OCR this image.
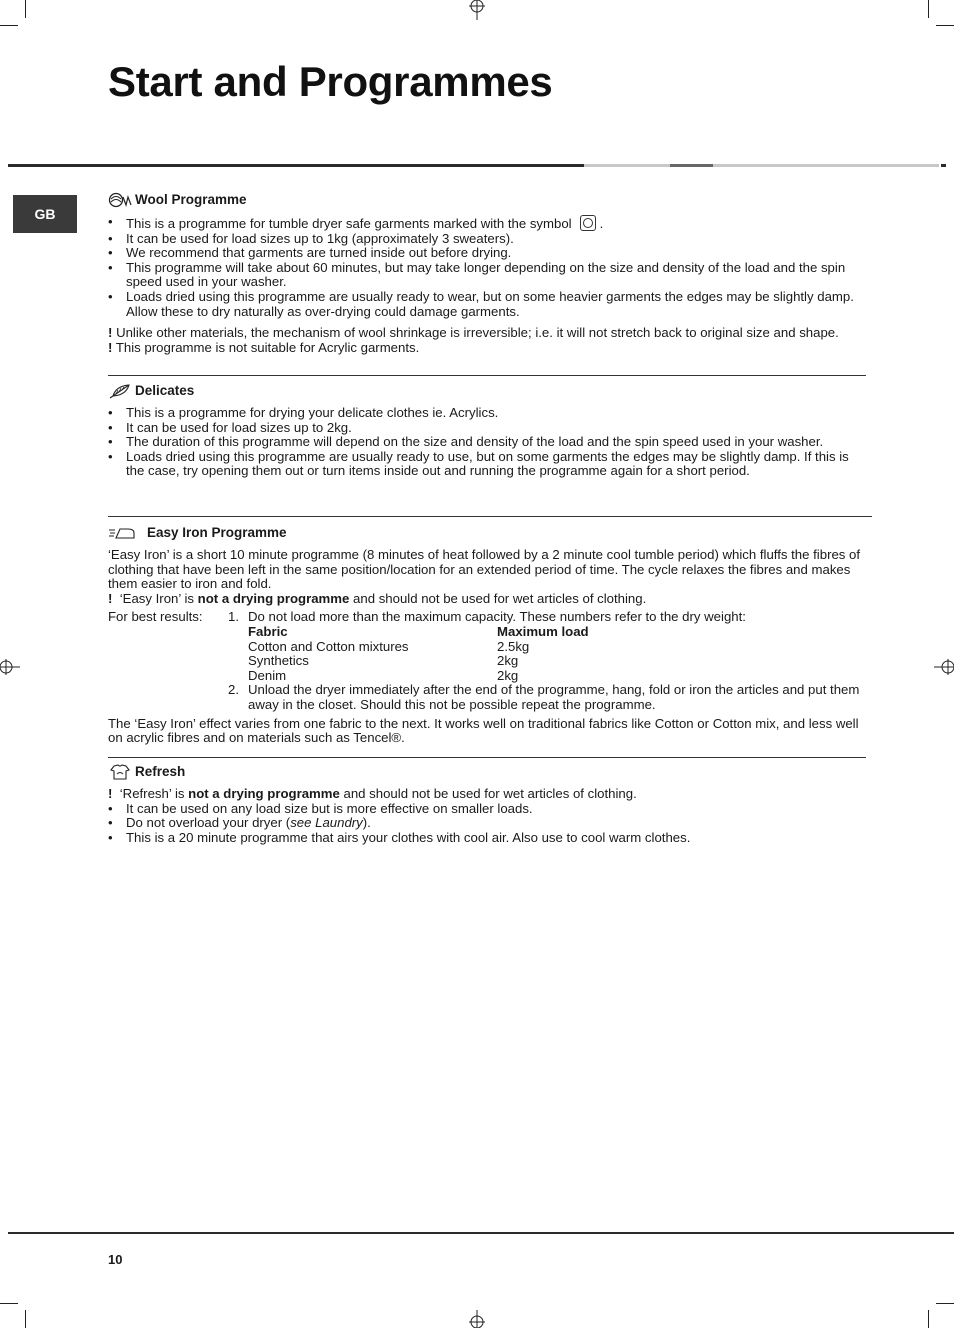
Start and Programmes
GB
Wool Programme
• This is a programme for tumble dryer safe garments marked with the symbol .
• It can be used for load sizes up to 1kg (approximately 3 sweaters).
• We recommend that garments are turned inside out before drying.
• This programme will take about 60 minutes, but may take longer depending on the size and density of the load and the spin speed used in your washer.
• Loads dried using this programme are usually ready to wear, but on some heavier garments the edges may be slightly damp. Allow these to dry naturally as over-drying could damage garments.

! Unlike other materials, the mechanism of wool shrinkage is irreversible; i.e. it will not stretch back to original size and shape.

! This programme is not suitable for Acrylic garments.

Delicates
• This is a programme for drying your delicate clothes ie. Acrylics.
• It can be used for load sizes up to 2kg.
• The duration of this programme will depend on the size and density of the load and the spin speed used in your washer.
• Loads dried using this programme are usually ready to use, but on some garments the edges may be slightly damp. If this is the case, try opening them out or turn items inside out and running the programme again for a short period.
Easy Iron Programme

‘Easy Iron’ is a short 10 minute programme (8 minutes of heat followed by a 2 minute cool tumble period) which fluffs the fibres of clothing that have been left in the same position/location for an extended period of time. The cycle relaxes the fibres and makes them easier to iron and fold.

! ‘Easy Iron’ is not a drying programme and should not be used for wet articles of clothing.

For best results:	1. Do not load more than the maximum capacity. These numbers refer to the dry weight:

Fabric	Maximum load
Cotton and Cotton mixtures	2.5kg
Synthetics	2kg
Denim	2kg
2. Unload the dryer immediately after the end of the programme, hang, fold or iron the articles and put them away in the closet. Should this not be possible repeat the programme.

The ‘Easy Iron’ effect varies from one fabric to the next. It works well on traditional fabrics like Cotton or Cotton mix, and less well on acrylic fibres and on materials such as Tencel®.

Refresh

! ‘Refresh’ is not a drying programme and should not be used for wet articles of clothing.

• It can be used on any load size but is more effective on smaller loads.
• Do not overload your dryer (see Laundry).
• This is a 20 minute programme that airs your clothes with cool air. Also use to cool warm clothes.
10
